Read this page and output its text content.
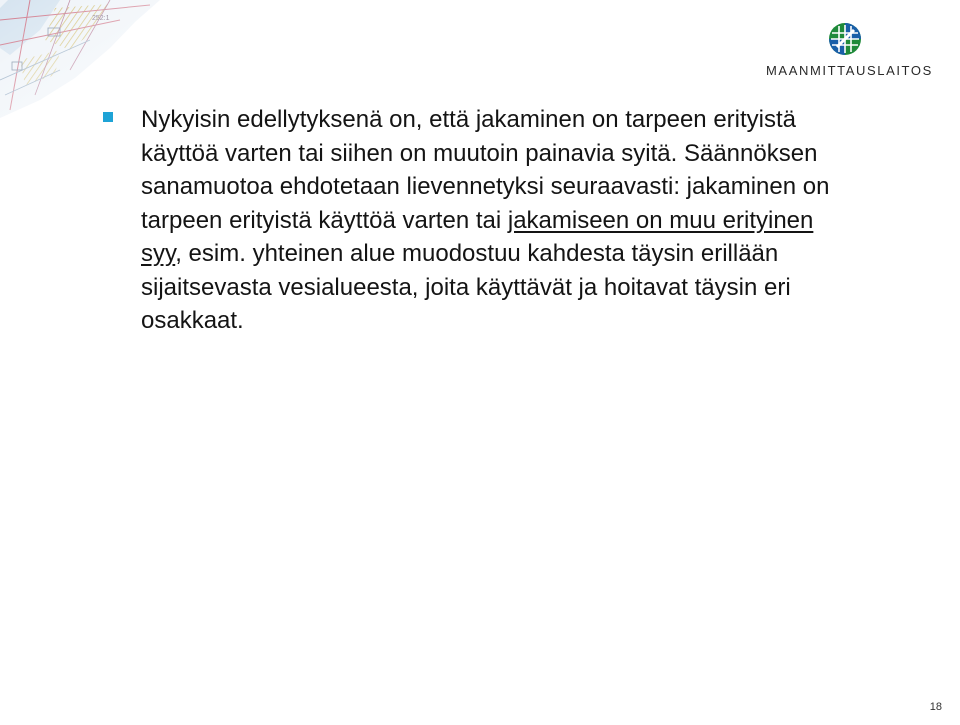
MAANMITTAUSLAITOS

Nykyisin edellytyksenä on, että jakaminen on tarpeen erityistä käyttöä varten tai siihen on muutoin painavia syitä. Säännöksen sanamuotoa ehdotetaan lievennetyksi seuraavasti: jakaminen on tarpeen erityistä käyttöä varten tai jakamiseen on muu erityinen syy, esim. yhteinen alue muodostuu kahdesta täysin erillään sijaitsevasta vesialueesta, joita käyttävät ja hoitavat täysin eri osakkaat.

18
